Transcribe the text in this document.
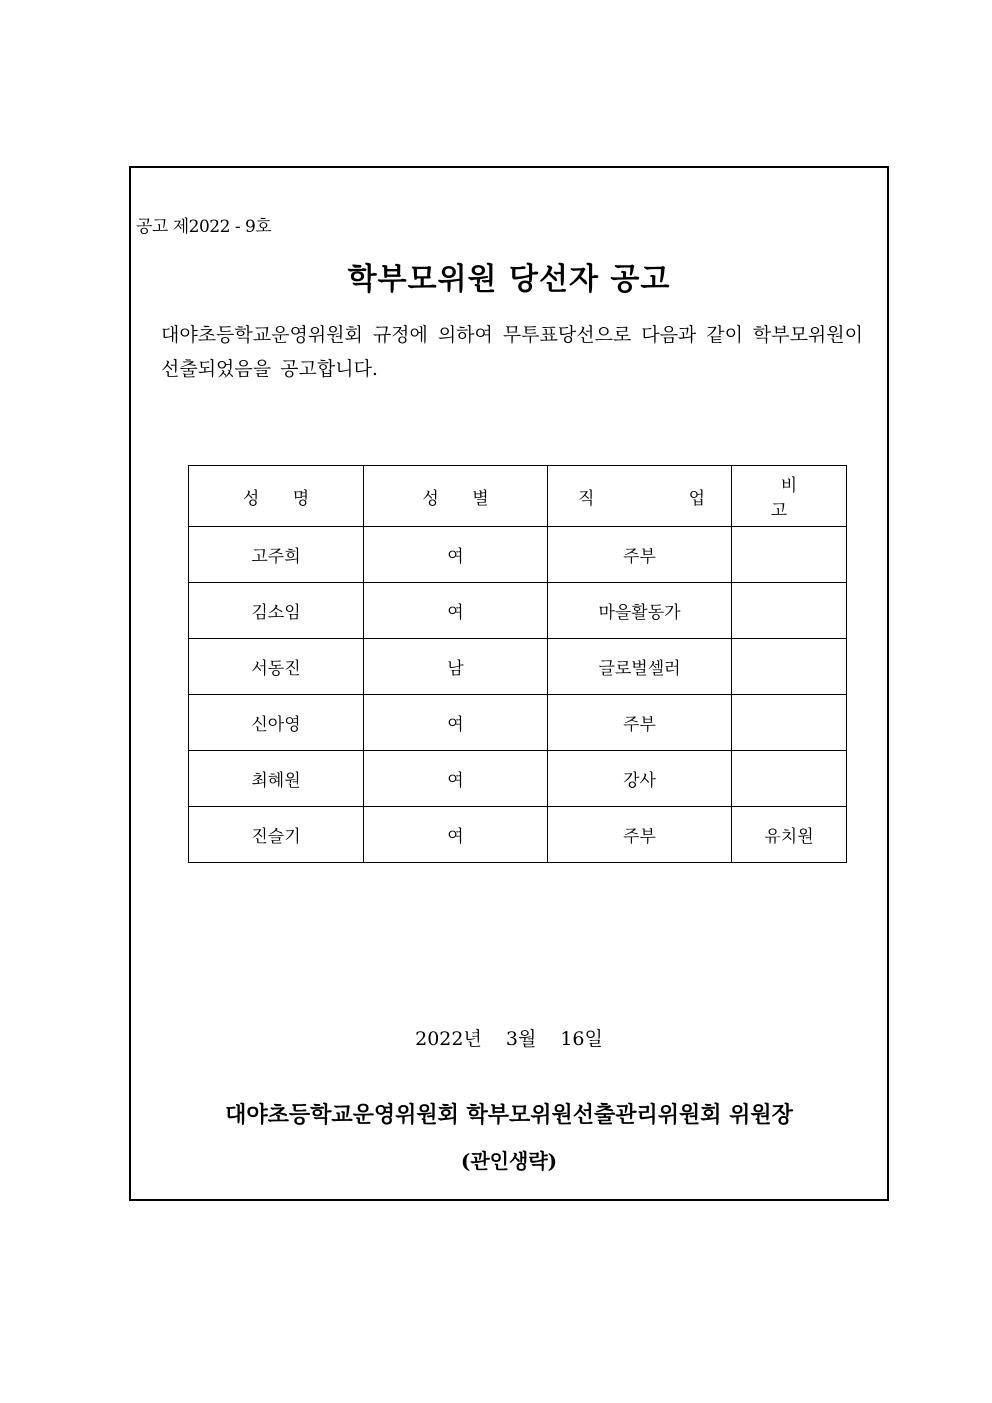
공고 제2022 - 9호
학부모위원 당선자 공고
대야초등학교운영위원회 규정에 의하여 무투표당선으로 다음과 같이 학부모위원이 선출되었음을 공고합니다.
성 명	성 별	직 업	비 고
고주희	여	주부	
김소임	여	마을활동가	
서동진	남	글로벌셀러	
신아영	여	주부	
최혜원	여	강사	
진슬기	여	주부	유치원
2022년 3월 16일
대야초등학교운영위원회 학부모위원선출관리위원회 위원장
(관인생략)
